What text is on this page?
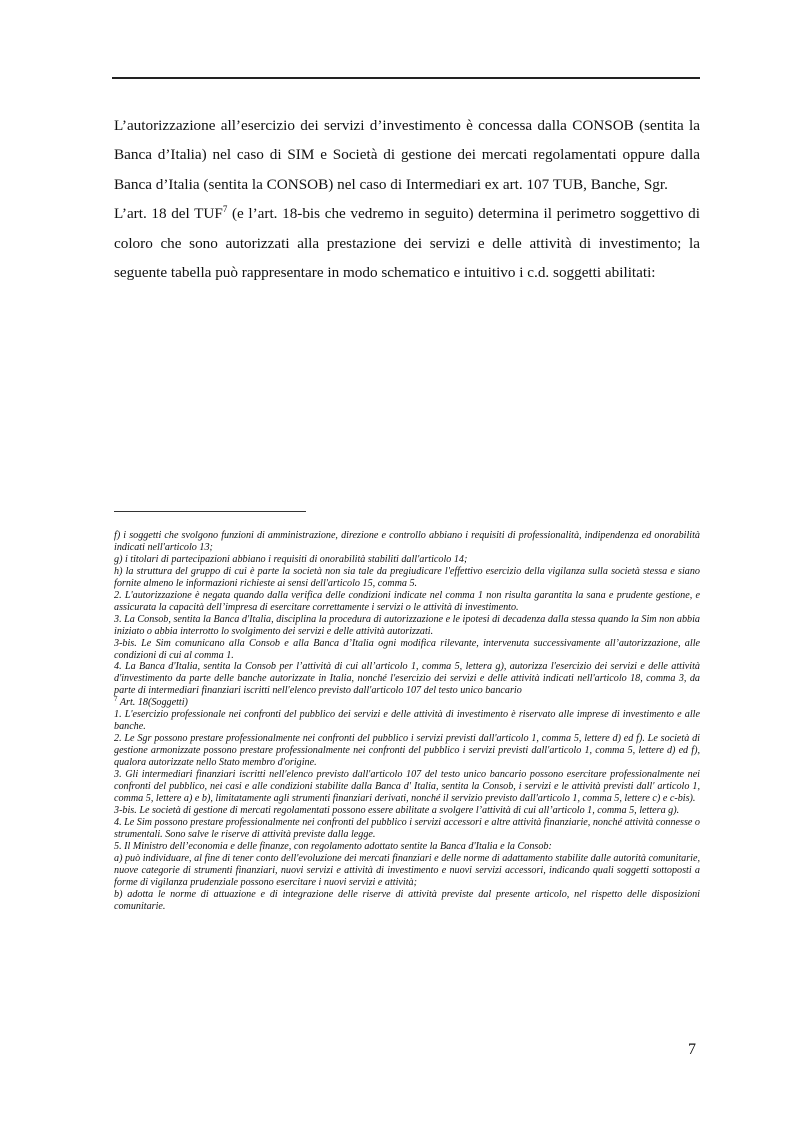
L’autorizzazione all’esercizio dei servizi d’investimento è concessa dalla CONSOB (sentita la Banca d’Italia) nel caso di SIM e Società di gestione dei mercati regolamentati oppure dalla Banca d’Italia (sentita la CONSOB) nel caso di Intermediari ex art. 107 TUB, Banche, Sgr.

L’art. 18 del TUF$^7$ (e l’art. 18-bis che vedremo in seguito) determina il perimetro soggettivo di coloro che sono autorizzati alla prestazione dei servizi e delle attività di investimento; la seguente tabella può rappresentare in modo schematico e intuitivo i c.d. soggetti abilitati:

f) i soggetti che svolgono funzioni di amministrazione, direzione e controllo abbiano i requisiti di professionalità, indipendenza ed onorabilità indicati nell'articolo 13;

g) i titolari di partecipazioni abbiano i requisiti di onorabilità stabiliti dall'articolo 14;

h) la struttura del gruppo di cui è parte la società non sia tale da pregiudicare l'effettivo esercizio della vigilanza sulla società stessa e siano fornite almeno le informazioni richieste ai sensi dell'articolo 15, comma 5.

2. L'autorizzazione è negata quando dalla verifica delle condizioni indicate nel comma 1 non risulta garantita la sana e prudente gestione, e assicurata la capacità dell’impresa di esercitare correttamente i servizi o le attività di investimento.

3. La Consob, sentita la Banca d'Italia, disciplina la procedura di autorizzazione e le ipotesi di decadenza dalla stessa quando la Sim non abbia iniziato o abbia interrotto lo svolgimento dei servizi e delle attività autorizzati.

3-bis. Le Sim comunicano alla Consob e alla Banca d’Italia ogni modifica rilevante, intervenuta successivamente all’autorizzazione, alle condizioni di cui al comma 1.

4. La Banca d'Italia, sentita la Consob per l’attività di cui all’articolo 1, comma 5, lettera g), autorizza l'esercizio dei servizi e delle attività d'investimento da parte delle banche autorizzate in Italia, nonché l'esercizio dei servizi e delle attività indicati nell'articolo 18, comma 3, da parte di intermediari finanziari iscritti nell'elenco previsto dall'articolo 107 del testo unico bancario

$^7$ Art. 18(Soggetti)

1. L'esercizio professionale nei confronti del pubblico dei servizi e delle attività di investimento è riservato alle imprese di investimento e alle banche.

2. Le Sgr possono prestare professionalmente nei confronti del pubblico i servizi previsti dall'articolo 1, comma 5, lettere d) ed f). Le società di gestione armonizzate possono prestare professionalmente nei confronti del pubblico i servizi previsti dall'articolo 1, comma 5, lettere d) ed f), qualora autorizzate nello Stato membro d'origine.

3. Gli intermediari finanziari iscritti nell'elenco previsto dall'articolo 107 del testo unico bancario possono esercitare professionalmente nei confronti del pubblico, nei casi e alle condizioni stabilite dalla Banca d' Italia, sentita la Consob, i servizi e le attività previsti dall' articolo 1, comma 5, lettere a) e b), limitatamente agli strumenti finanziari derivati, nonché il servizio previsto dall'articolo 1, comma 5, lettere c) e c-bis).

3-bis. Le società di gestione di mercati regolamentati possono essere abilitate a svolgere l’attività di cui all’articolo 1, comma 5, lettera g).

4. Le Sim possono prestare professionalmente nei confronti del pubblico i servizi accessori e altre attività finanziarie, nonché attività connesse o strumentali. Sono salve le riserve di attività previste dalla legge.

5. Il Ministro dell’economia e delle finanze, con regolamento adottato sentite la Banca d'Italia e la Consob:

a) può individuare, al fine di tener conto dell'evoluzione dei mercati finanziari e delle norme di adattamento stabilite dalle autorità comunitarie, nuove categorie di strumenti finanziari, nuovi servizi e attività di investimento e nuovi servizi accessori, indicando quali soggetti sottoposti a forme di vigilanza prudenziale possono esercitare i nuovi servizi e attività;

b) adotta le norme di attuazione e di integrazione delle riserve di attività previste dal presente articolo, nel rispetto delle disposizioni comunitarie.

7
